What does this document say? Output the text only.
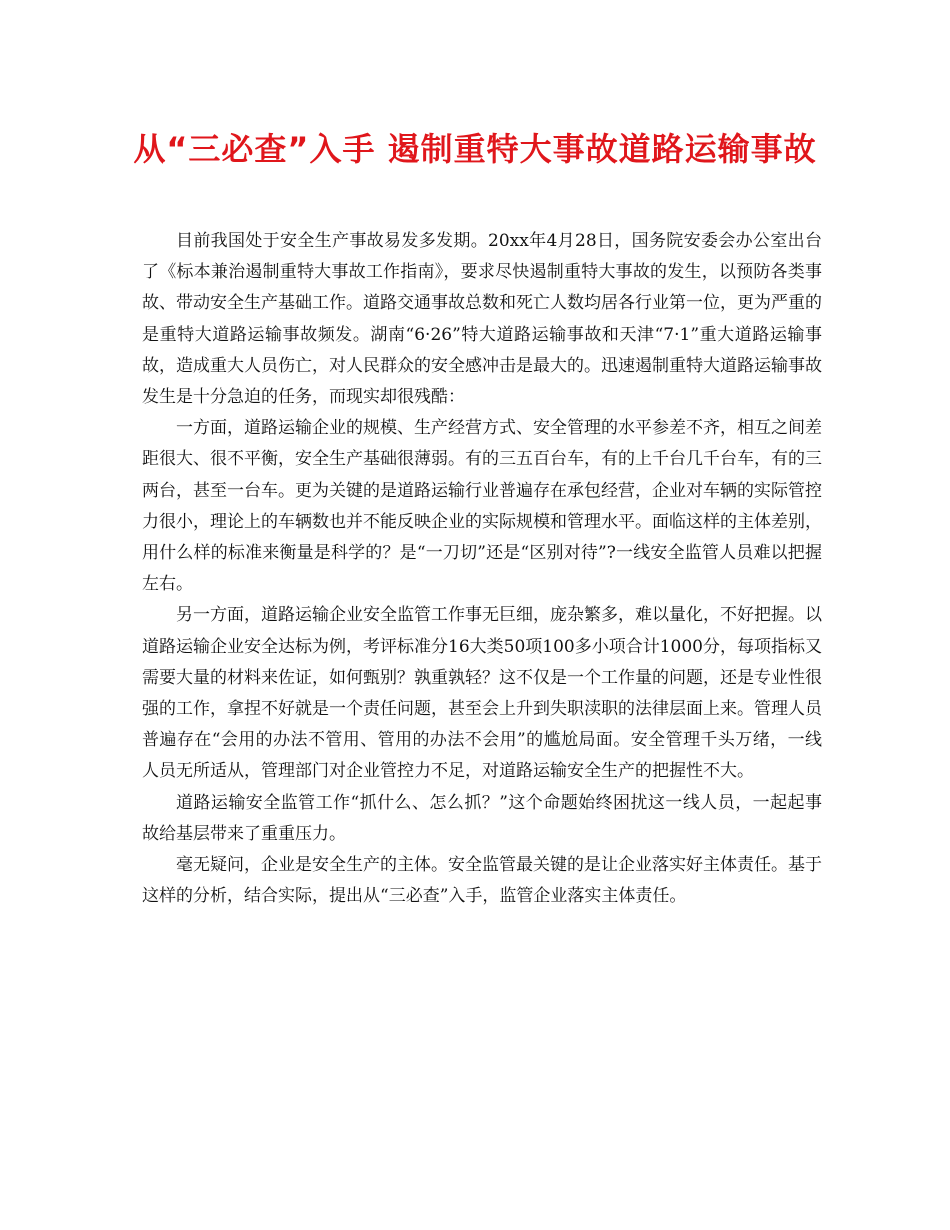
从“三必查”入手 遏制重特大事故道路运输事故

目前我国处于安全生产事故易发多发期。20xx年4月28日，国务院安委会办公室出台了《标本兼治遏制重特大事故工作指南》，要求尽快遏制重特大事故的发生，以预防各类事故、带动安全生产基础工作。道路交通事故总数和死亡人数均居各行业第一位，更为严重的是重特大道路运输事故频发。湖南“6·26”特大道路运输事故和天津“7·1”重大道路运输事故，造成重大人员伤亡，对人民群众的安全感冲击是最大的。迅速遏制重特大道路运输事故发生是十分急迫的任务，而现实却很残酷：

一方面，道路运输企业的规模、生产经营方式、安全管理的水平参差不齐，相互之间差距很大、很不平衡，安全生产基础很薄弱。有的三五百台车，有的上千台几千台车，有的三两台，甚至一台车。更为关键的是道路运输行业普遍存在承包经营，企业对车辆的实际管控力很小，理论上的车辆数也并不能反映企业的实际规模和管理水平。面临这样的主体差别，用什么样的标准来衡量是科学的？是“一刀切”还是“区别对待”?一线安全监管人员难以把握左右。

另一方面，道路运输企业安全监管工作事无巨细，庞杂繁多，难以量化，不好把握。以道路运输企业安全达标为例，考评标准分16大类50项100多小项合计1000分，每项指标又需要大量的材料来佐证，如何甄别？孰重孰轻？这不仅是一个工作量的问题，还是专业性很强的工作，拿捏不好就是一个责任问题，甚至会上升到失职渎职的法律层面上来。管理人员普遍存在“会用的办法不管用、管用的办法不会用”的尴尬局面。安全管理千头万绪，一线人员无所适从，管理部门对企业管控力不足，对道路运输安全生产的把握性不大。

道路运输安全监管工作“抓什么、怎么抓？”这个命题始终困扰这一线人员，一起起事故给基层带来了重重压力。

毫无疑问，企业是安全生产的主体。安全监管最关键的是让企业落实好主体责任。基于这样的分析，结合实际，提出从“三必查”入手，监管企业落实主体责任。
